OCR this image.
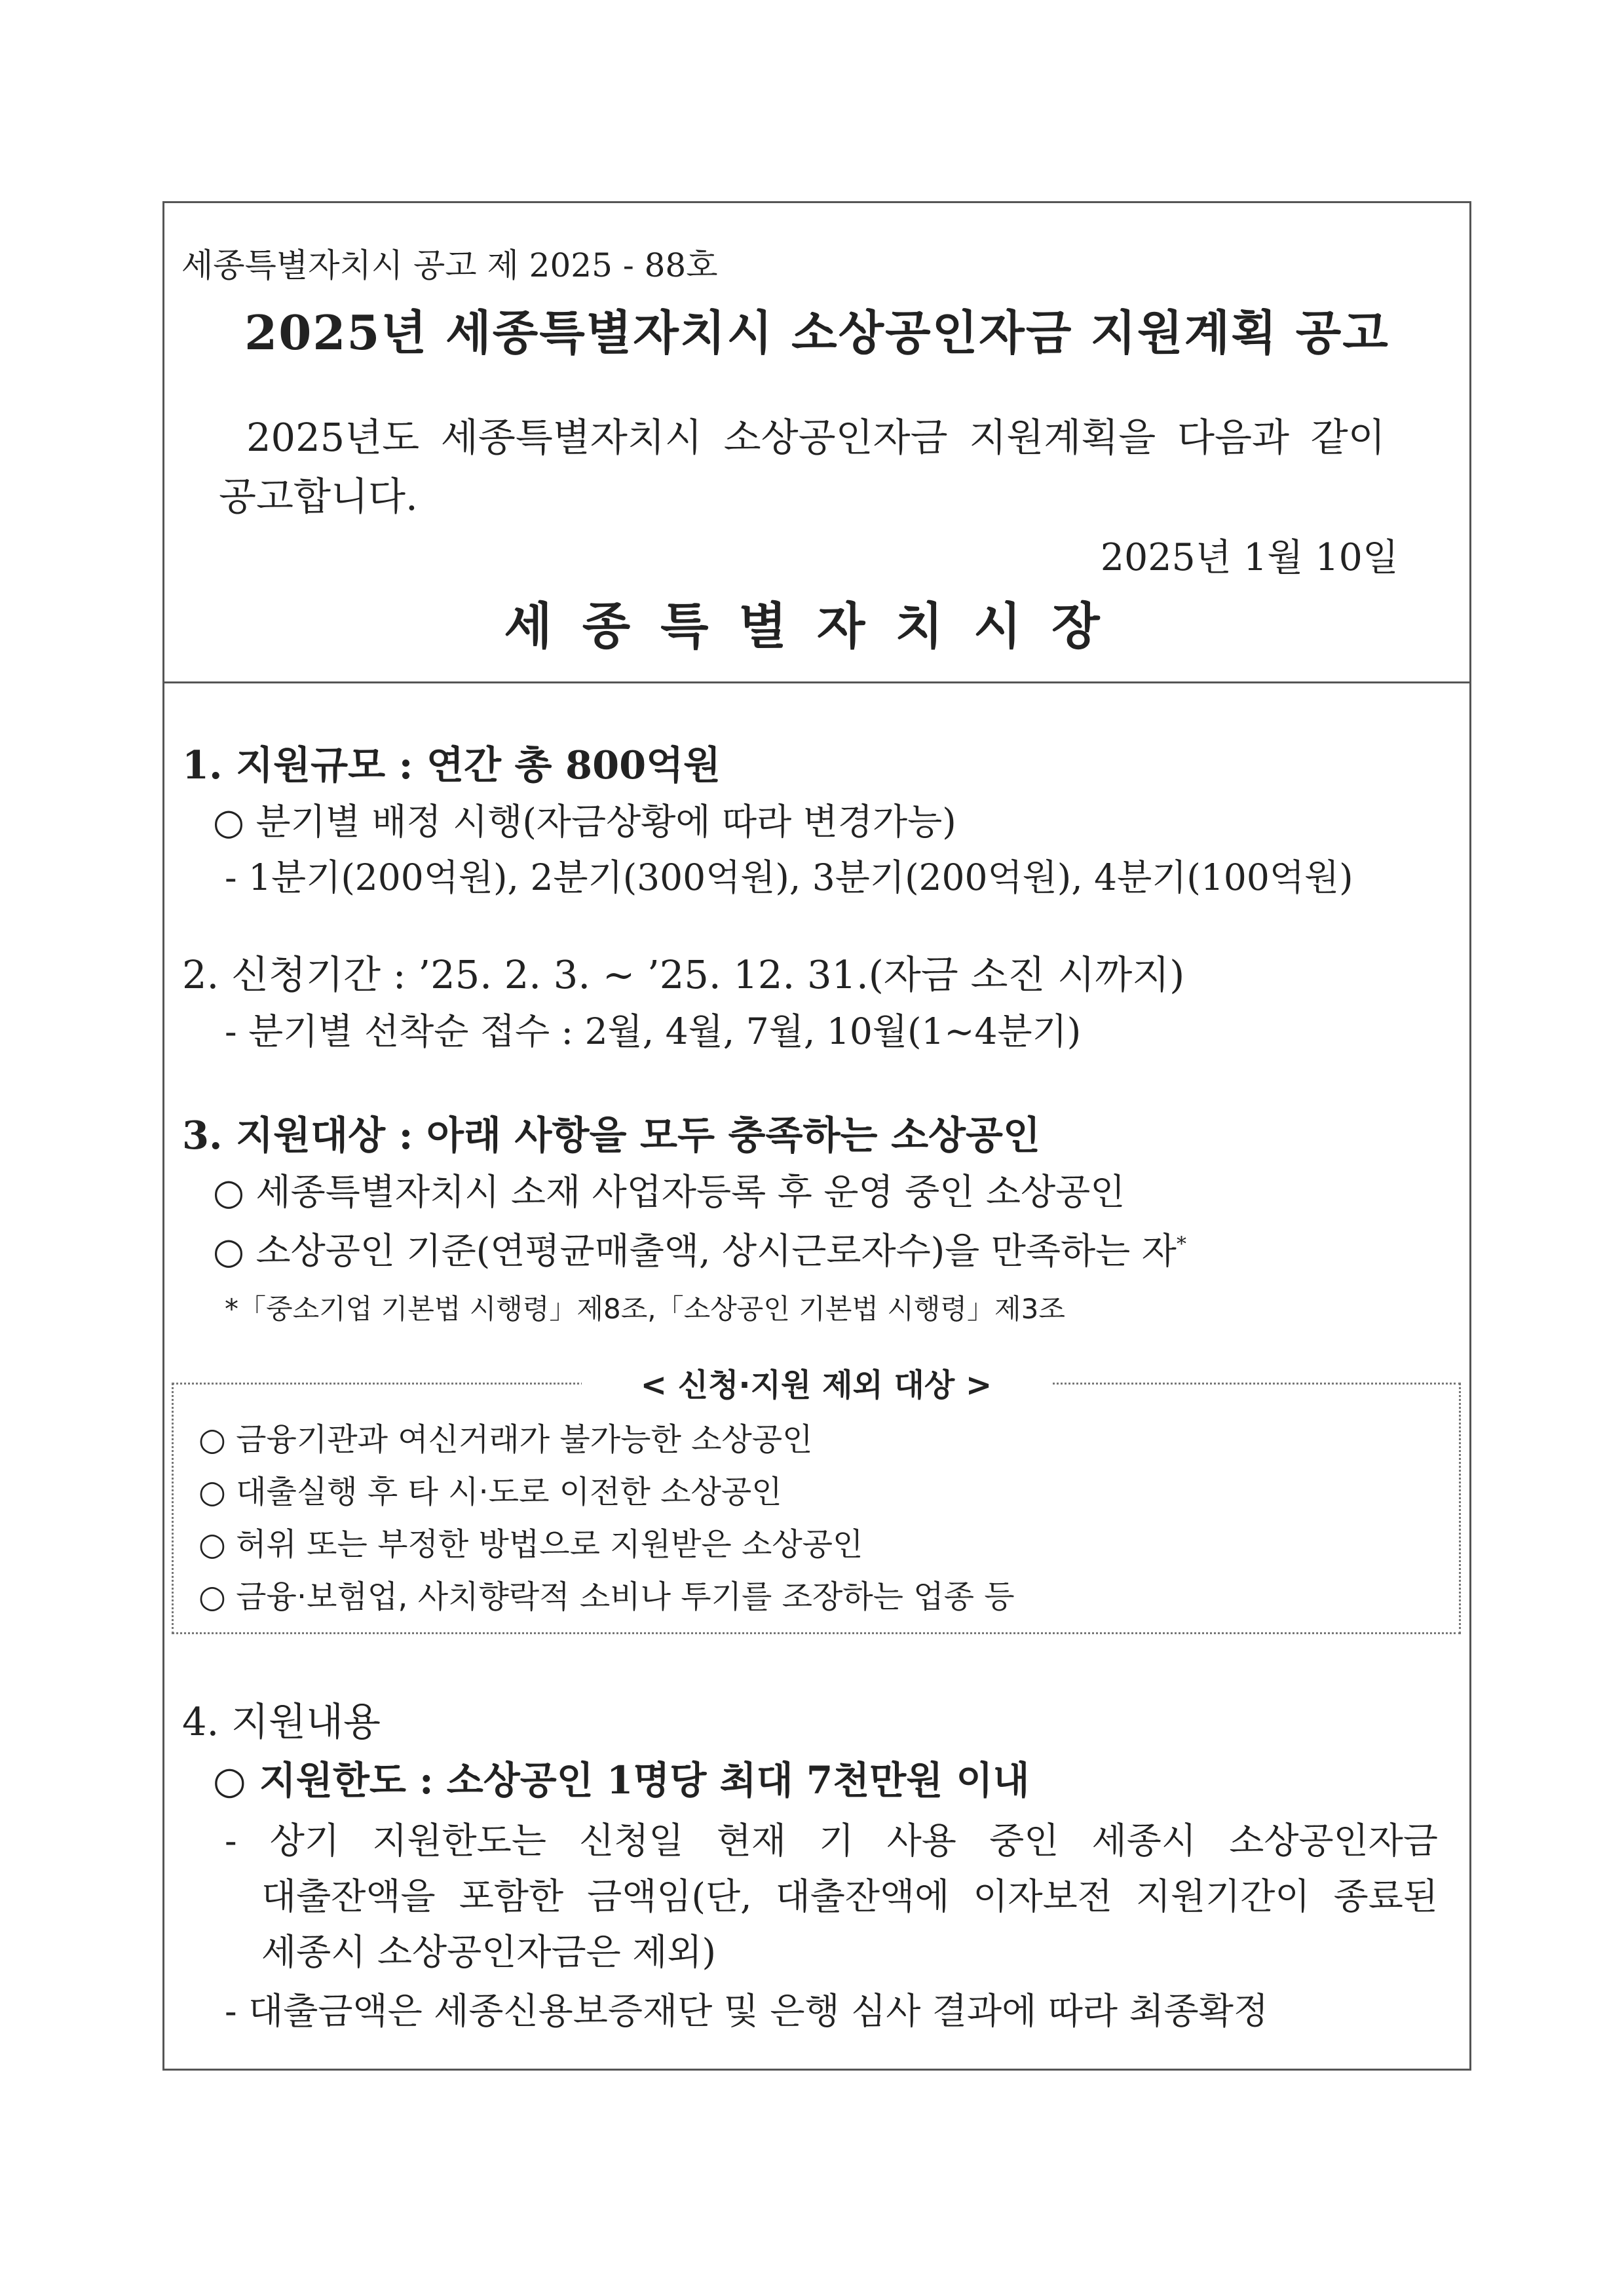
세종특별자치시 공고 제 2025 - 88호
2025년 세종특별자치시 소상공인자금 지원계획 공고
2025년도 세종특별자치시 소상공인자금 지원계획을 다음과 같이
공고합니다.
2025년 1월 10일
세종특별자치시장
1. 지원규모 : 연간 총 800억원
○ 분기별 배정 시행(자금상황에 따라 변경가능)
- 1분기(200억원), 2분기(300억원), 3분기(200억원), 4분기(100억원)
2. 신청기간 : ’25. 2. 3. ~ ’25. 12. 31.(자금 소진 시까지)
- 분기별 선착순 접수 : 2월, 4월, 7월, 10월(1~4분기)
3. 지원대상 : 아래 사항을 모두 충족하는 소상공인
○ 세종특별자치시 소재 사업자등록 후 운영 중인 소상공인
○ 소상공인 기준(연평균매출액, 상시근로자수)을 만족하는 자*
*「중소기업 기본법 시행령」제8조,「소상공인 기본법 시행령」제3조
< 신청·지원 제외 대상 >
○ 금융기관과 여신거래가 불가능한 소상공인
○ 대출실행 후 타 시·도로 이전한 소상공인
○ 허위 또는 부정한 방법으로 지원받은 소상공인
○ 금융·보험업, 사치향락적 소비나 투기를 조장하는 업종 등
4. 지원내용
○ 지원한도 : 소상공인 1명당 최대 7천만원 이내
- 상기 지원한도는 신청일 현재 기 사용 중인 세종시 소상공인자금
대출잔액을 포함한 금액임(단, 대출잔액에 이자보전 지원기간이 종료된
세종시 소상공인자금은 제외)
- 대출금액은 세종신용보증재단 및 은행 심사 결과에 따라 최종확정
